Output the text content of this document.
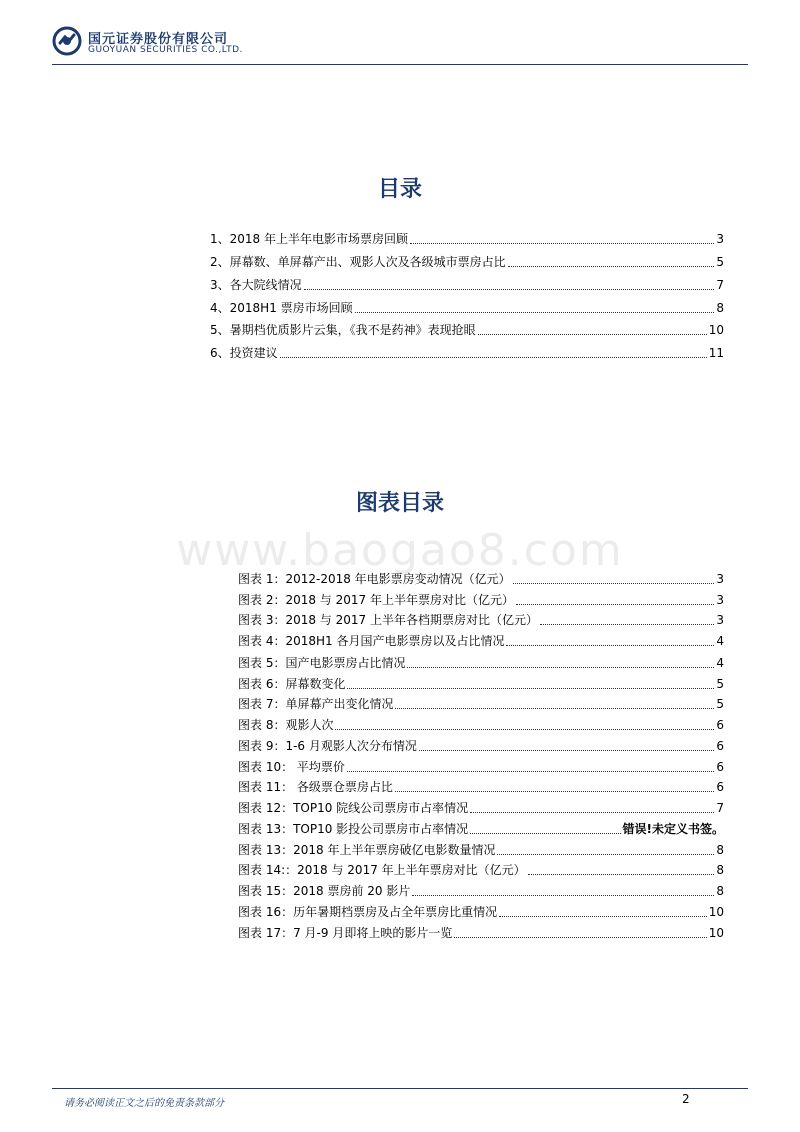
国元证券股份有限公司
GUOYUAN SECURITIES CO.,LTD.
目录
1、2018 年上半年电影市场票房回顾	3
2、屏幕数、单屏幕产出、观影人次及各级城市票房占比	5
3、各大院线情况	7
4、2018H1 票房市场回顾	8
5、暑期档优质影片云集，《我不是药神》表现抢眼	10
6、投资建议	11
图表目录
www.baogao8.com
图表 1：2012-2018 年电影票房变动情况（亿元）	3
图表 2：2018 与 2017 年上半年票房对比（亿元）	3
图表 3：2018 与 2017 上半年各档期票房对比（亿元）	3
图表 4：2018H1 各月国产电影票房以及占比情况	4
图表 5：国产电影票房占比情况	4
图表 6：屏幕数变化	5
图表 7：单屏幕产出变化情况	5
图表 8：观影人次	6
图表 9：1-6 月观影人次分布情况	6
图表 10： 平均票价	6
图表 11： 各级票仓票房占比	6
图表 12：TOP10 院线公司票房市占率情况	7
图表 13：TOP10 影投公司票房市占率情况	错误!未定义书签。
图表 13：2018 年上半年票房破亿电影数量情况	8
图表 14:：2018 与 2017 年上半年票房对比（亿元）	8
图表 15：2018 票房前 20 影片	8
图表 16：历年暑期档票房及占全年票房比重情况	10
图表 17：7 月-9 月即将上映的影片一览	10
请务必阅读正文之后的免责条款部分	2
